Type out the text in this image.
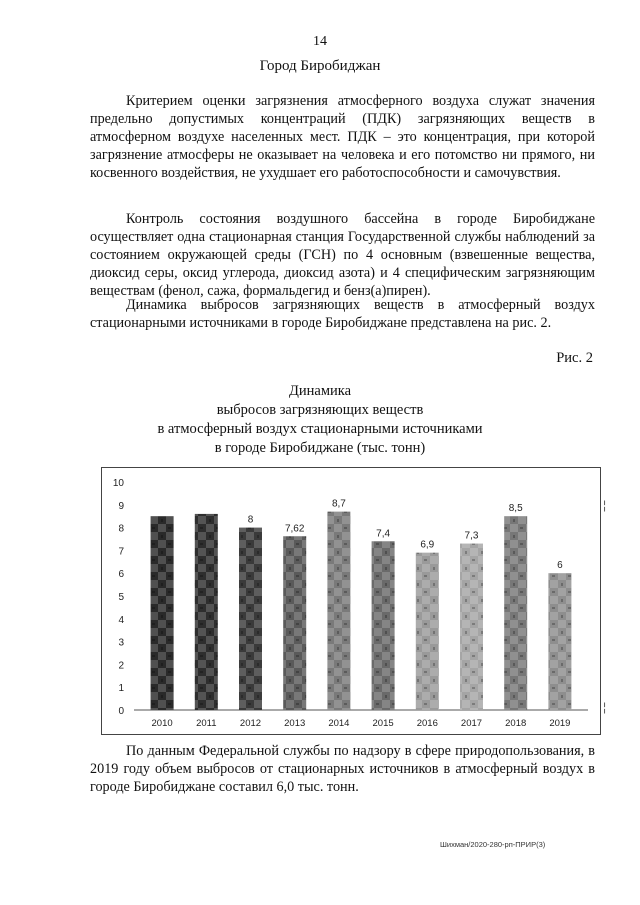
14
Город Биробиджан
Критерием оценки загрязнения атмосферного воздуха служат значения предельно допустимых концентраций (ПДК) загрязняющих веществ в атмосферном воздухе населенных мест. ПДК – это концентрация, при которой загрязнение атмосферы не оказывает на человека и его потомство ни прямого, ни косвенного воздействия, не ухудшает его работоспособности и самочувствия.
Контроль состояния воздушного бассейна в городе Биробиджане осуществляет одна стационарная станция Государственной службы наблюдений за состоянием окружающей среды (ГСН) по 4 основным (взвешенные вещества, диоксид серы, оксид углерода, диоксид азота) и 4 специфическим загрязняющим веществам (фенол, сажа, формальдегид и бенз(а)пирен).
Динамика выбросов загрязняющих веществ в атмосферный воздух стационарными источниками в городе Биробиджане представлена на рис. 2.
Рис. 2
Динамика
выбросов загрязняющих веществ
в атмосферный воздух стационарными источниками
в городе Биробиджане (тыс. тонн)
0
1
2
3
4
5
6
7
8
9
10
2010 2011
8
2012
7,62
2013
8,7
2014
7,4
2015
6,9
2016
7,3
2017
8,5
2018
6
2019
¦
¦
По данным Федеральной службы по надзору в сфере природопользования, в 2019 году объем выбросов от стационарных источников в атмосферный воздух в городе Биробиджане составил 6,0 тыс. тонн.
Шихман/2020-280-рп-ПРИР(3)
